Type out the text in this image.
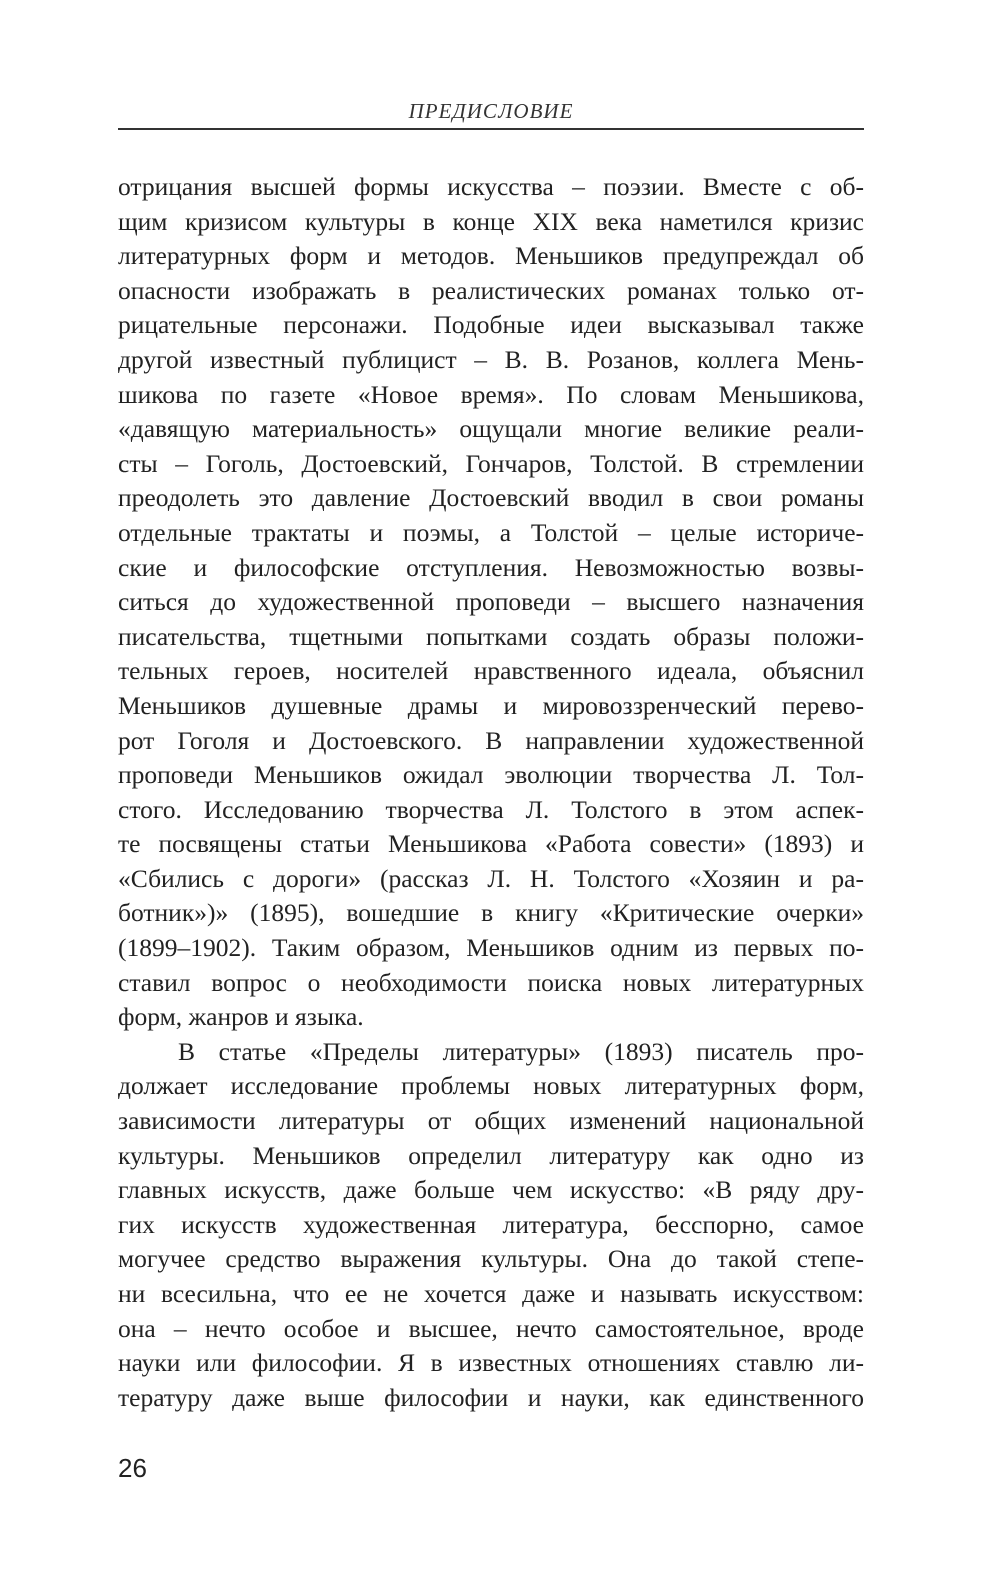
ПРЕДИСЛОВИЕ
отрицания высшей формы искусства – поэзии. Вместе с об-
щим кризисом культуры в конце XIX века наметился кризис
литературных форм и методов. Меньшиков предупреждал об
опасности изображать в реалистических романах только от-
рицательные персонажи. Подобные идеи высказывал также
другой известный публицист – В. В. Розанов, коллега Мень-
шикова по газете «Новое время». По словам Меньшикова,
«давящую материальность» ощущали многие великие реали-
сты – Гоголь, Достоевский, Гончаров, Толстой. В стремлении
преодолеть это давление Достоевский вводил в свои романы
отдельные трактаты и поэмы, а Толстой – целые историче-
ские и философские отступления. Невозможностью возвы-
ситься до художественной проповеди – высшего назначения
писательства, тщетными попытками создать образы положи-
тельных героев, носителей нравственного идеала, объяснил
Меньшиков душевные драмы и мировоззренческий перево-
рот Гоголя и Достоевского. В направлении художественной
проповеди Меньшиков ожидал эволюции творчества Л. Тол-
стого. Исследованию творчества Л. Толстого в этом аспек-
те посвящены статьи Меньшикова «Работа совести» (1893) и
«Сбились с дороги» (рассказ Л. Н. Толстого «Хозяин и ра-
ботник»)» (1895), вошедшие в книгу «Критические очерки»
(1899–1902). Таким образом, Меньшиков одним из первых по-
ставил вопрос о необходимости поиска новых литературных
форм, жанров и языка.
В статье «Пределы литературы» (1893) писатель про-
должает исследование проблемы новых литературных форм,
зависимости литературы от общих изменений национальной
культуры. Меньшиков определил литературу как одно из
главных искусств, даже больше чем искусство: «В ряду дру-
гих искусств художественная литература, бесспорно, самое
могучее средство выражения культуры. Она до такой степе-
ни всесильна, что ее не хочется даже и называть искусством:
она – нечто особое и высшее, нечто самостоятельное, вроде
науки или философии. Я в известных отношениях ставлю ли-
тературу даже выше философии и науки, как единственного
26
